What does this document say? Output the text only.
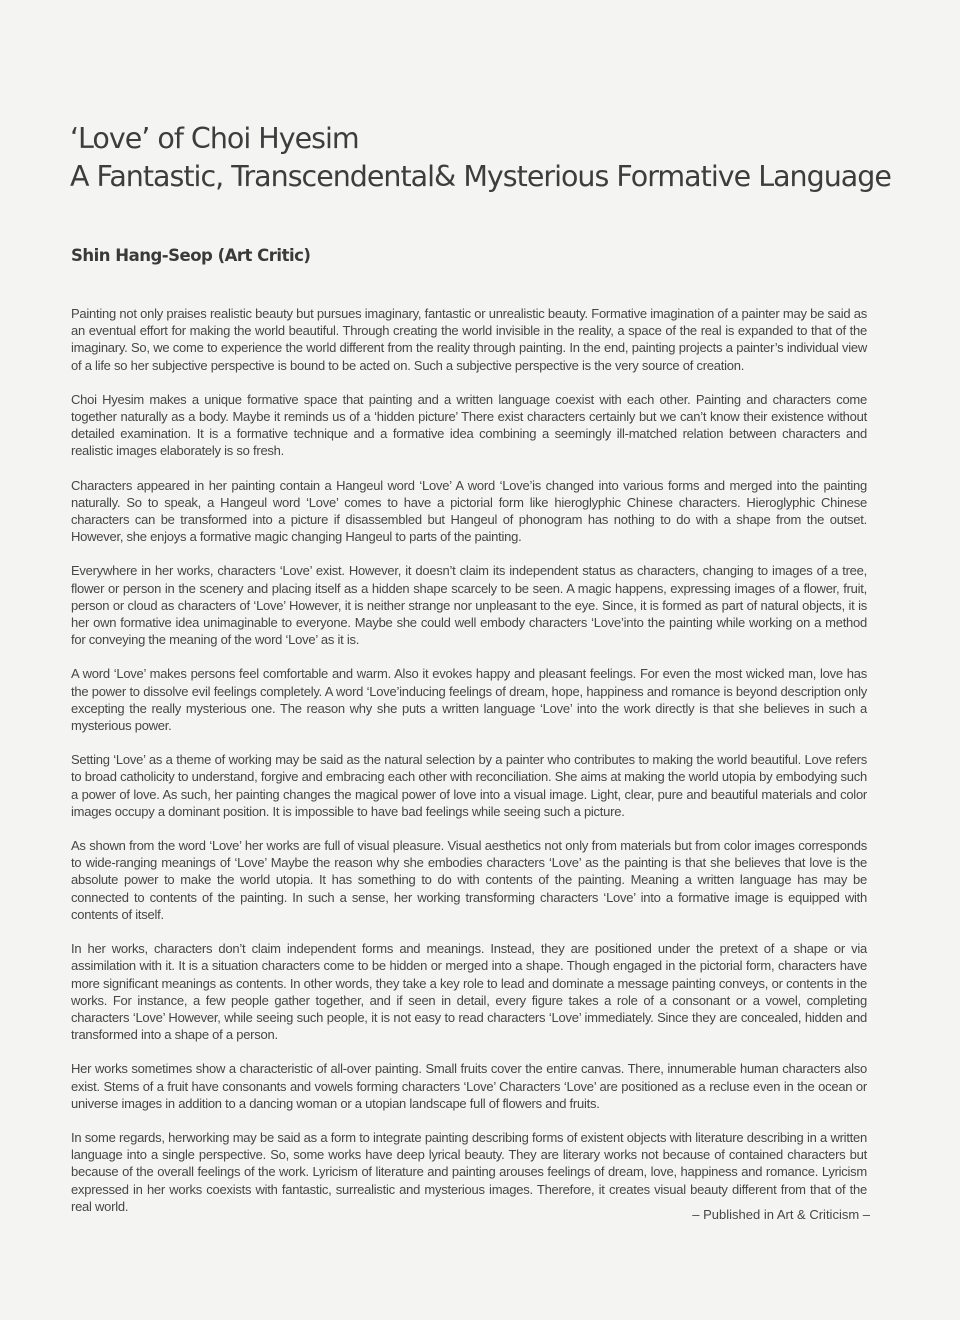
‘Love’ of Choi Hyesim
A Fantastic, Transcendental& Mysterious Formative Language
Shin Hang-Seop (Art Critic)

Painting not only praises realistic beauty but pursues imaginary, fantastic or unrealistic beauty. Formative imagination of a painter may be said as an eventual effort for making the world beautiful. Through creating the world invisible in the reality, a space of the real is expanded to that of the imaginary. So, we come to experience the world different from the reality through painting. In the end, painting projects a painter’s individual view of a life so her subjective perspective is bound to be acted on. Such a subjective perspective is the very source of creation.

Choi Hyesim makes a unique formative space that painting and a written language coexist with each other. Painting and characters come together naturally as a body. Maybe it reminds us of a ‘hidden picture’ There exist characters certainly but we can’t know their existence without detailed examination. It is a formative technique and a formative idea combining a seemingly ill-matched relation between characters and realistic images elaborately is so fresh.

Characters appeared in her painting contain a Hangeul word ‘Love’ A word ‘Love’is changed into various forms and merged into the painting naturally. So to speak, a Hangeul word ‘Love’ comes to have a pictorial form like hieroglyphic Chinese characters. Hieroglyphic Chinese characters can be transformed into a picture if disassembled but Hangeul of phonogram has nothing to do with a shape from the outset. However, she enjoys a formative magic changing Hangeul to parts of the painting.

Everywhere in her works, characters ‘Love’ exist. However, it doesn’t claim its independent status as characters, changing to images of a tree, flower or person in the scenery and placing itself as a hidden shape scarcely to be seen. A magic happens, expressing images of a flower, fruit, person or cloud as characters of ‘Love’ However, it is neither strange nor unpleasant to the eye. Since, it is formed as part of natural objects, it is her own formative idea unimaginable to everyone. Maybe she could well embody characters ‘Love’into the painting while working on a method for conveying the meaning of the word ‘Love’ as it is.

A word ‘Love’ makes persons feel comfortable and warm. Also it evokes happy and pleasant feelings. For even the most wicked man, love has the power to dissolve evil feelings completely. A word ‘Love’inducing feelings of dream, hope, happiness and romance is beyond description only excepting the really mysterious one. The reason why she puts a written language ‘Love’ into the work directly is that she believes in such a mysterious power.

Setting ‘Love’ as a theme of working may be said as the natural selection by a painter who contributes to making the world beautiful. Love refers to broad catholicity to understand, forgive and embracing each other with reconciliation. She aims at making the world utopia by embodying such a power of love. As such, her painting changes the magical power of love into a visual image. Light, clear, pure and beautiful materials and color images occupy a dominant position. It is impossible to have bad feelings while seeing such a picture.

As shown from the word ‘Love’ her works are full of visual pleasure. Visual aesthetics not only from materials but from color images corresponds to wide-ranging meanings of ‘Love’ Maybe the reason why she embodies characters ‘Love’ as the painting is that she believes that love is the absolute power to make the world utopia. It has something to do with contents of the painting. Meaning a written language has may be connected to contents of the painting. In such a sense, her working transforming characters ‘Love’ into a formative image is equipped with contents of itself.

In her works, characters don’t claim independent forms and meanings. Instead, they are positioned under the pretext of a shape or via assimilation with it. It is a situation characters come to be hidden or merged into a shape. Though engaged in the pictorial form, characters have more significant meanings as contents. In other words, they take a key role to lead and dominate a message painting conveys, or contents in the works. For instance, a few people gather together, and if seen in detail, every figure takes a role of a consonant or a vowel, completing characters ‘Love’ However, while seeing such people, it is not easy to read characters ‘Love’ immediately. Since they are concealed, hidden and transformed into a shape of a person.

Her works sometimes show a characteristic of all-over painting. Small fruits cover the entire canvas. There, innumerable human characters also exist. Stems of a fruit have consonants and vowels forming characters ‘Love’ Characters ‘Love’ are positioned as a recluse even in the ocean or universe images in addition to a dancing woman or a utopian landscape full of flowers and fruits.

In some regards, herworking may be said as a form to integrate painting describing forms of existent objects with literature describing in a written language into a single perspective. So, some works have deep lyrical beauty. They are literary works not because of contained characters but because of the overall feelings of the work. Lyricism of literature and painting arouses feelings of dream, love, happiness and romance. Lyricism expressed in her works coexists with fantastic, surrealistic and mysterious images. Therefore, it creates visual beauty different from that of the real world.

– Published in Art & Criticism –
